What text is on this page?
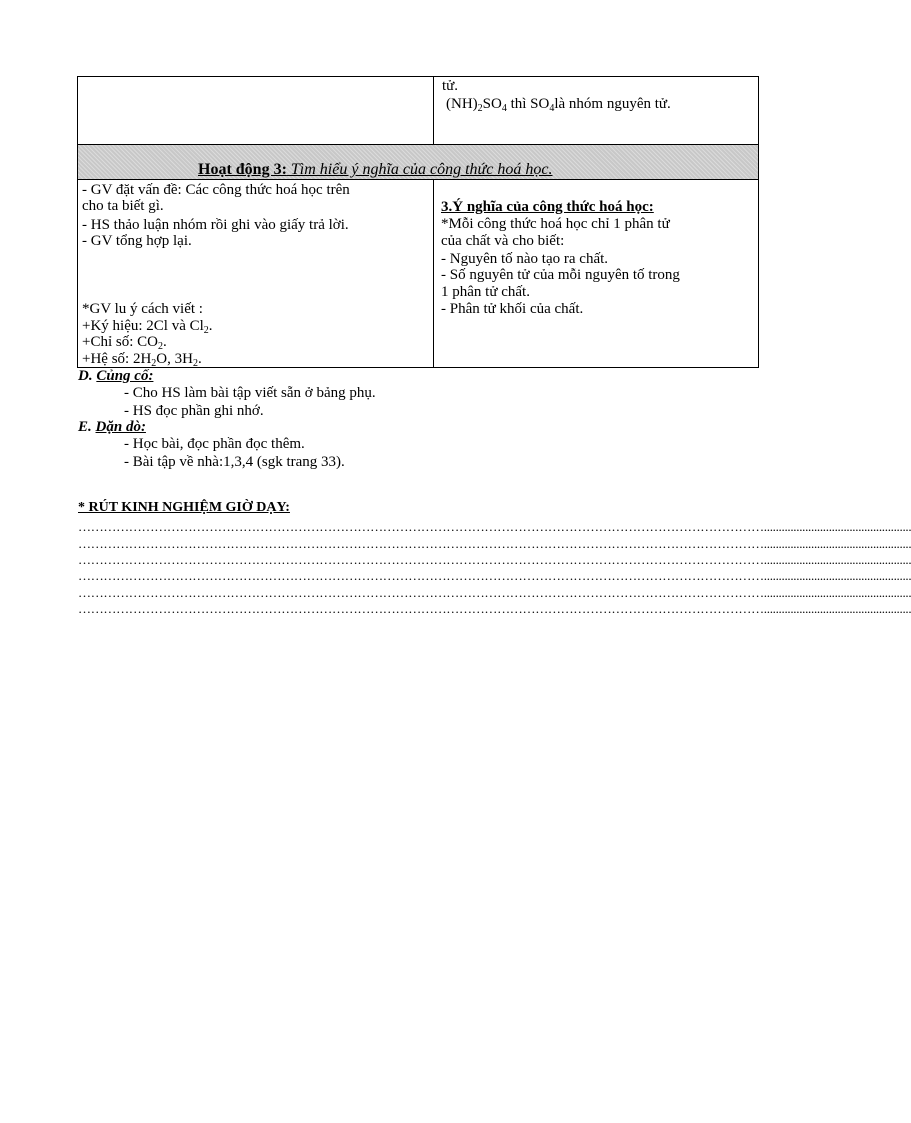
tử.
$(NH)_2SO_4$ thì $SO_4là$ nhóm nguyên tử.
Hoạt động 3: Tìm hiểu ý nghĩa của công thức hoá học.
- GV đặt vấn đề: Các công thức hoá học trên
cho ta biết gì.
- HS thảo luận nhóm rồi ghi vào giấy trả lời.
- GV tổng hợp lại.
*GV lu ý cách viết :
+Ký hiệu: 2Cl và $Cl_2$.
+Chỉ số: $CO_2$.
+Hệ số: $2H_2O$, $3H_2$.
3.Ý nghĩa của công thức hoá học:
*Mỗi công thức hoá học chỉ 1 phân tử
của chất và cho biết:
- Nguyên tố nào tạo ra chất.
- Số nguyên tử của mỗi nguyên tố trong
1 phân tử chất.
- Phân tử khối của chất.
D. Củng cố:
- Cho HS làm bài tập viết sẵn ở bảng phụ.
- HS đọc phần ghi nhớ.
E. Dặn dò:
- Học bài, đọc phần đọc thêm.
- Bài tập về nhà:1,3,4 (sgk trang 33).
* RÚT KINH NGHIỆM GIỜ DẠY:
………………………………………………………………………………………………………………………………………………..................................................
………………………………………………………………………………………………………………………………………………..................................................
………………………………………………………………………………………………………………………………………………..................................................
………………………………………………………………………………………………………………………………………………..................................................
………………………………………………………………………………………………………………………………………………..................................................
………………………………………………………………………………………………………………………………………………..................................................
